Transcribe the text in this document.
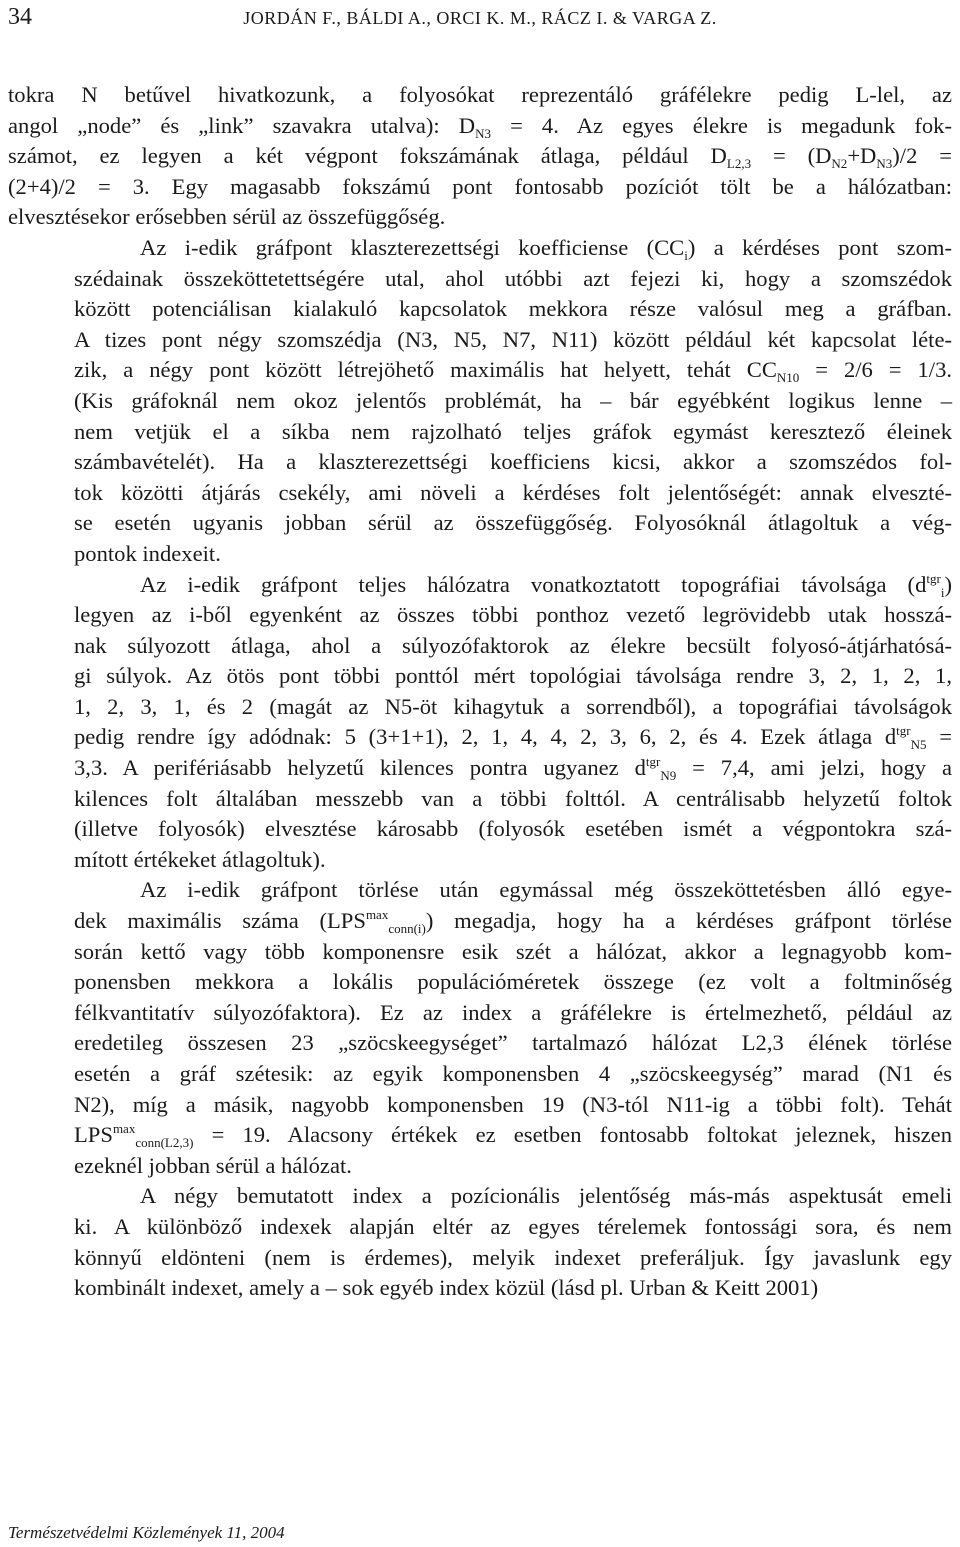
34	JORDÁN F., BÁLDI A., ORCI K. M., RÁCZ I. & VARGA Z.
tokra N betűvel hivatkozunk, a folyosókat reprezentáló gráfélekre pedig L-lel, az
angol „node” és „link” szavakra utalva): $D_{N3} = 4$. Az egyes élekre is megadunk fok-
számot, ez legyen a két végpont fokszámának átlaga, például $D_{L2,3} = (D_{N2}+D_{N3})/2$ =
(2+4)/2 = 3. Egy magasabb fokszámú pont fontosabb pozíciót tölt be a hálózatban:
elvesztésekor erősebben sérül az összefüggőség.
Az i-edik gráfpont klaszterezettségi koefficiense $(CC_i)$ a kérdéses pont szom-
szédainak összeköttetettségére utal, ahol utóbbi azt fejezi ki, hogy a szomszédok
között potenciálisan kialakuló kapcsolatok mekkora része valósul meg a gráfban.
A tizes pont négy szomszédja (N3, N5, N7, N11) között például két kapcsolat léte-
zik, a négy pont között létrejöhető maximális hat helyett, tehát $CC_{N10} = 2/6 = 1/3$.
(Kis gráfoknál nem okoz jelentős problémát, ha – bár egyébként logikus lenne –
nem vetjük el a síkba nem rajzolható teljes gráfok egymást keresztező éleinek
számbavételét). Ha a klaszterezettségi koefficiens kicsi, akkor a szomszédos fol-
tok közötti átjárás csekély, ami növeli a kérdéses folt jelentőségét: annak elveszté-
se esetén ugyanis jobban sérül az összefüggőség. Folyosóknál átlagoltuk a vég-
pontok indexeit.
Az i-edik gráfpont teljes hálózatra vonatkoztatott topográfiai távolsága $(d^{tgr}_i)$
legyen az i-ből egyenként az összes többi ponthoz vezető legrövidebb utak hosszá-
nak súlyozott átlaga, ahol a súlyozófaktorok az élekre becsült folyosó-átjárhatósá-
gi súlyok. Az ötös pont többi ponttól mért topológiai távolsága rendre 3, 2, 1, 2, 1,
1, 2, 3, 1, és 2 (magát az N5-öt kihagytuk a sorrendből), a topográfiai távolságok
pedig rendre így adódnak: 5 (3+1+1), 2, 1, 4, 4, 2, 3, 6, 2, és 4. Ezek átlaga $d^{tgr}_{N5}$ =
3,3. A perifériásabb helyzetű kilences pontra ugyanez $d^{tgr}_{N9} = 7,4$, ami jelzi, hogy a
kilences folt általában messzebb van a többi folttól. A centrálisabb helyzetű foltok
(illetve folyosók) elvesztése károsabb (folyosók esetében ismét a végpontokra szá-
mított értékeket átlagoltuk).
Az i-edik gráfpont törlése után egymással még összeköttetésben álló egye-
dek maximális száma $(LPS^{max}_{conn(i)})$ megadja, hogy ha a kérdéses gráfpont törlése
során kettő vagy több komponensre esik szét a hálózat, akkor a legnagyobb kom-
ponensben mekkora a lokális populációméretek összege (ez volt a foltminőség
félkvantitatív súlyozófaktora). Ez az index a gráfélekre is értelmezhető, például az
eredetileg összesen 23 „szöcskeegységet” tartalmazó hálózat L2,3 élének törlése
esetén a gráf szétesik: az egyik komponensben 4 „szöcskeegység” marad (N1 és
N2), míg a másik, nagyobb komponensben 19 (N3-tól N11-ig a többi folt). Tehát
$LPS^{max}_{conn(L2,3)} = 19$. Alacsony értékek ez esetben fontosabb foltokat jeleznek, hiszen
ezeknél jobban sérül a hálózat.
A négy bemutatott index a pozícionális jelentőség más-más aspektusát emeli
ki. A különböző indexek alapján eltér az egyes térelemek fontossági sora, és nem
könnyű eldönteni (nem is érdemes), melyik indexet preferáljuk. Így javaslunk egy
kombinált indexet, amely a – sok egyéb index közül (lásd pl. Urban & Keitt 2001)
Természetvédelmi Közlemények 11, 2004
